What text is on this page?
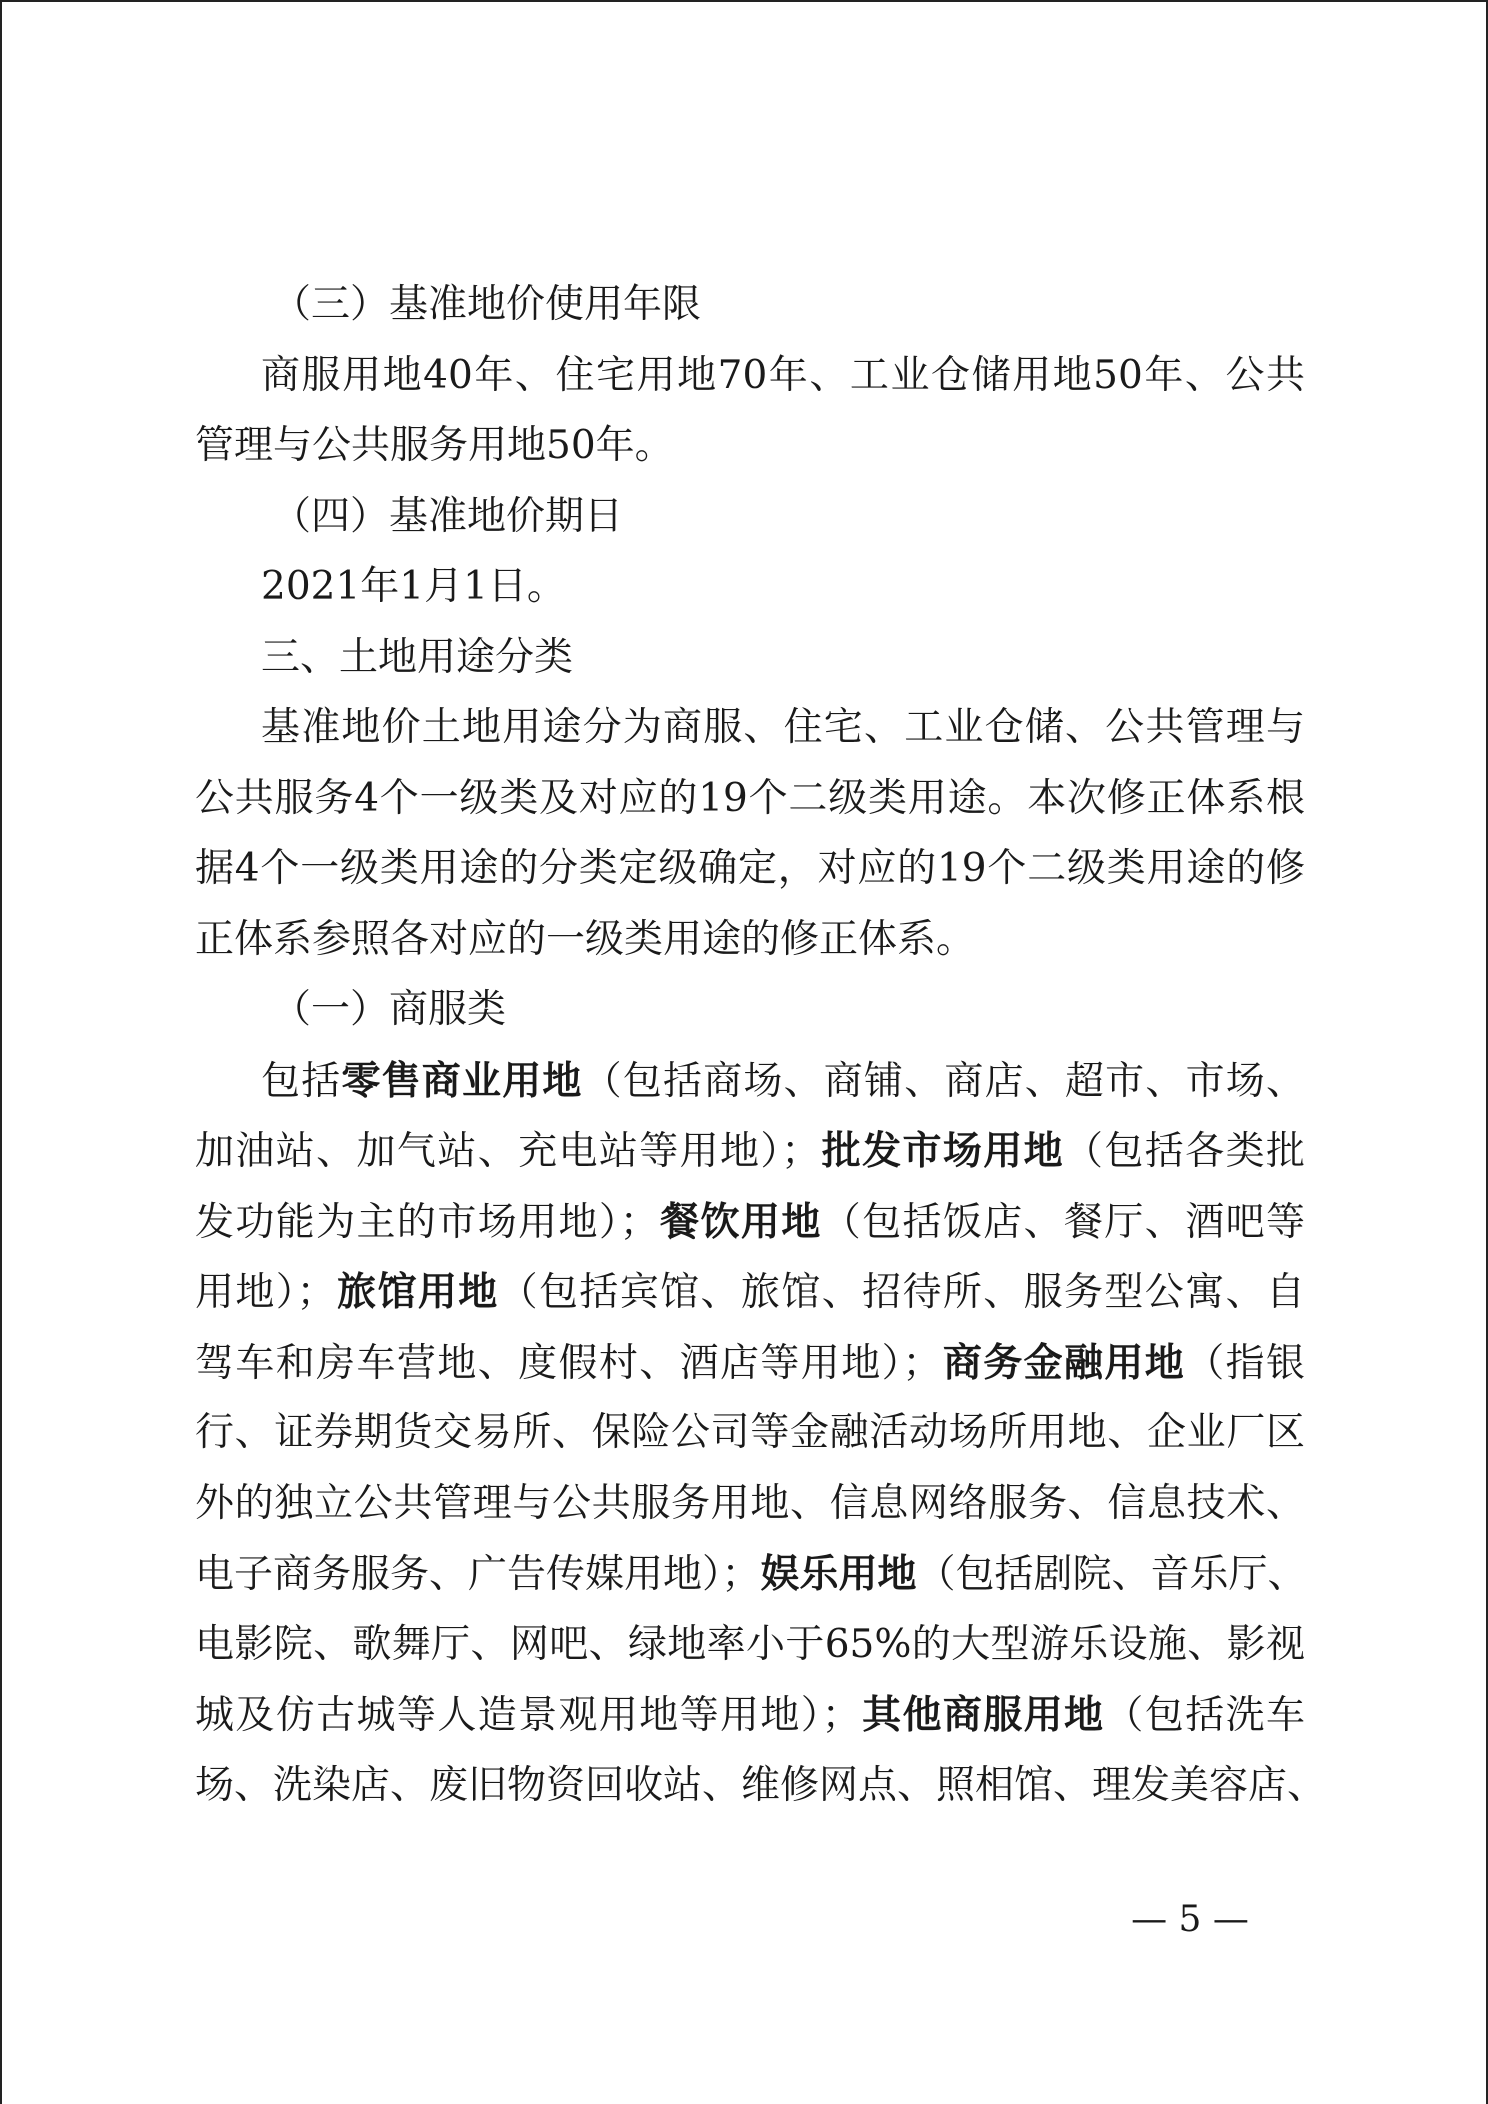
（三）基准地价使用年限
商服用地40年、住宅用地70年、工业仓储用地50年、公共
管理与公共服务用地50年。
（四）基准地价期日
2021年1月1日。
三、土地用途分类
基准地价土地用途分为商服、住宅、工业仓储、公共管理与
公共服务4个一级类及对应的19个二级类用途。本次修正体系根
据4个一级类用途的分类定级确定，对应的19个二级类用途的修
正体系参照各对应的一级类用途的修正体系。
（一）商服类
包括零售商业用地（包括商场、商铺、商店、超市、市场、
加油站、加气站、充电站等用地）；批发市场用地（包括各类批
发功能为主的市场用地）；餐饮用地（包括饭店、餐厅、酒吧等
用地）；旅馆用地（包括宾馆、旅馆、招待所、服务型公寓、自
驾车和房车营地、度假村、酒店等用地）；商务金融用地（指银
行、证券期货交易所、保险公司等金融活动场所用地、企业厂区
外的独立公共管理与公共服务用地、信息网络服务、信息技术、
电子商务服务、广告传媒用地）；娱乐用地（包括剧院、音乐厅、
电影院、歌舞厅、网吧、绿地率小于65%的大型游乐设施、影视
城及仿古城等人造景观用地等用地）；其他商服用地（包括洗车
场、洗染店、废旧物资回收站、维修网点、照相馆、理发美容店、
— 5 —
